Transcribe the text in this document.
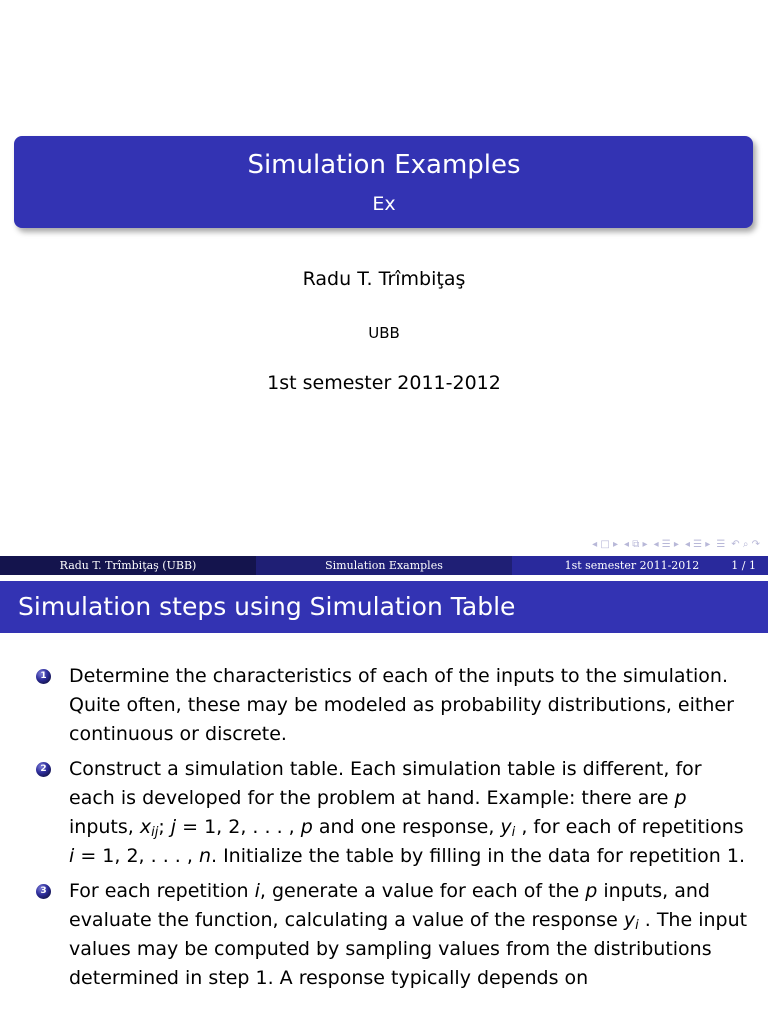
Simulation Examples
Ex
Radu T. Trîmbiţaş
UBB
1st semester 2011-2012
◂ □ ▸ ◂ ⧉ ▸ ◂ ☰ ▸ ◂ ☰ ▸ ☰ ↶ ⌕ ↷
Radu T. Trîmbiţaş (UBB)	Simulation Examples	1st semester 2011-2012	1 / 1
Simulation steps using Simulation Table
1 Determine the characteristics of each of the inputs to the simulation. Quite often, these may be modeled as probability distributions, either continuous or discrete.
2 Construct a simulation table. Each simulation table is different, for each is developed for the problem at hand. Example: there are p inputs, $x_{ij}$; j = 1, 2, . . . , p and one response, $y_i$ , for each of repetitions i = 1, 2, . . . , n. Initialize the table by filling in the data for repetition 1.
3 For each repetition i, generate a value for each of the p inputs, and evaluate the function, calculating a value of the response $y_i$ . The input values may be computed by sampling values from the distributions determined in step 1. A response typically depends on
